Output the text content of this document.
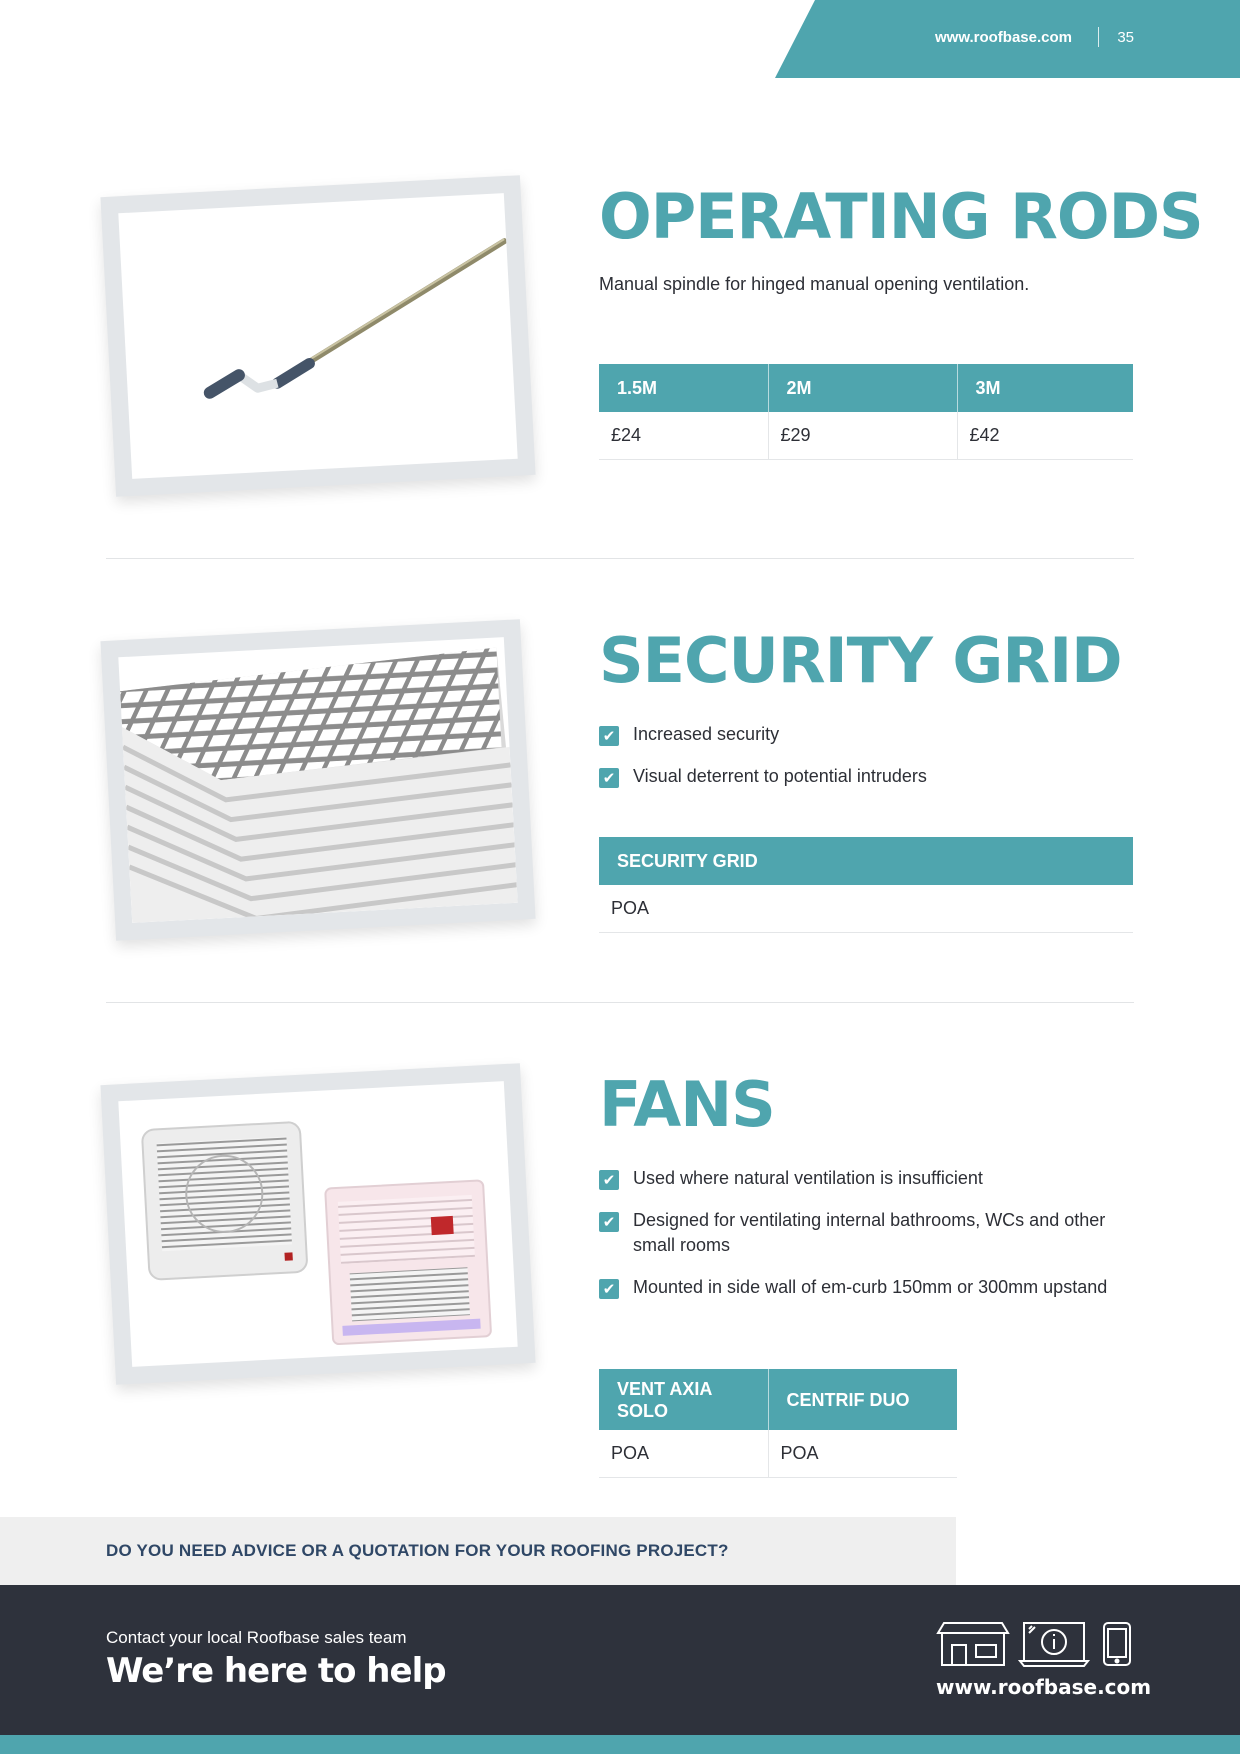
www.roofbase.com	35
OPERATING RODS
Manual spindle for hinged manual opening ventilation.
1.5M	2M	3M
£24	£29	£42
SECURITY GRID
✔ Increased security
✔ Visual deterrent to potential intruders
SECURITY GRID
POA
FANS
✔ Used where natural ventilation is insufficient
✔ Designed for ventilating internal bathrooms, WCs and other small rooms
✔ Mounted in side wall of em-curb 150mm or 300mm upstand
VENT AXIA SOLO	CENTRIF DUO
POA	POA
DO YOU NEED ADVICE OR A QUOTATION FOR YOUR ROOFING PROJECT?
Contact your local Roofbase sales team
We’re here to help	www.roofbase.com
